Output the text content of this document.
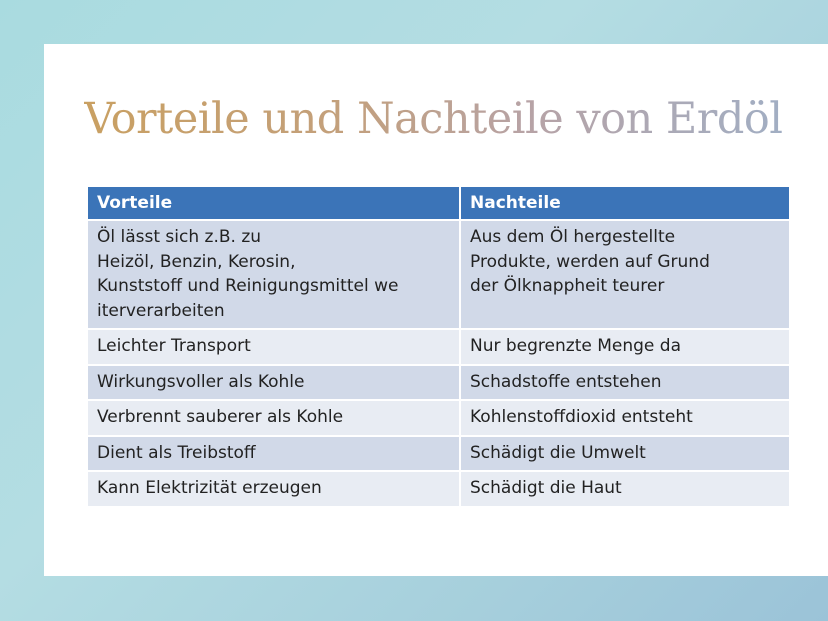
Vorteile und Nachteile von Erdöl
Vorteile	Nachteile
Öl lässt sich z.B. zu
Heizöl, Benzin, Kerosin,
Kunststoff und Reinigungsmittel we
iterverarbeiten	Aus dem Öl hergestellte
Produkte, werden auf Grund
der Ölknappheit teurer
Leichter Transport	Nur begrenzte Menge da
Wirkungsvoller als Kohle	Schadstoffe entstehen
Verbrennt sauberer als Kohle	Kohlenstoffdioxid entsteht
Dient als Treibstoff	Schädigt die Umwelt
Kann Elektrizität erzeugen	Schädigt die Haut
